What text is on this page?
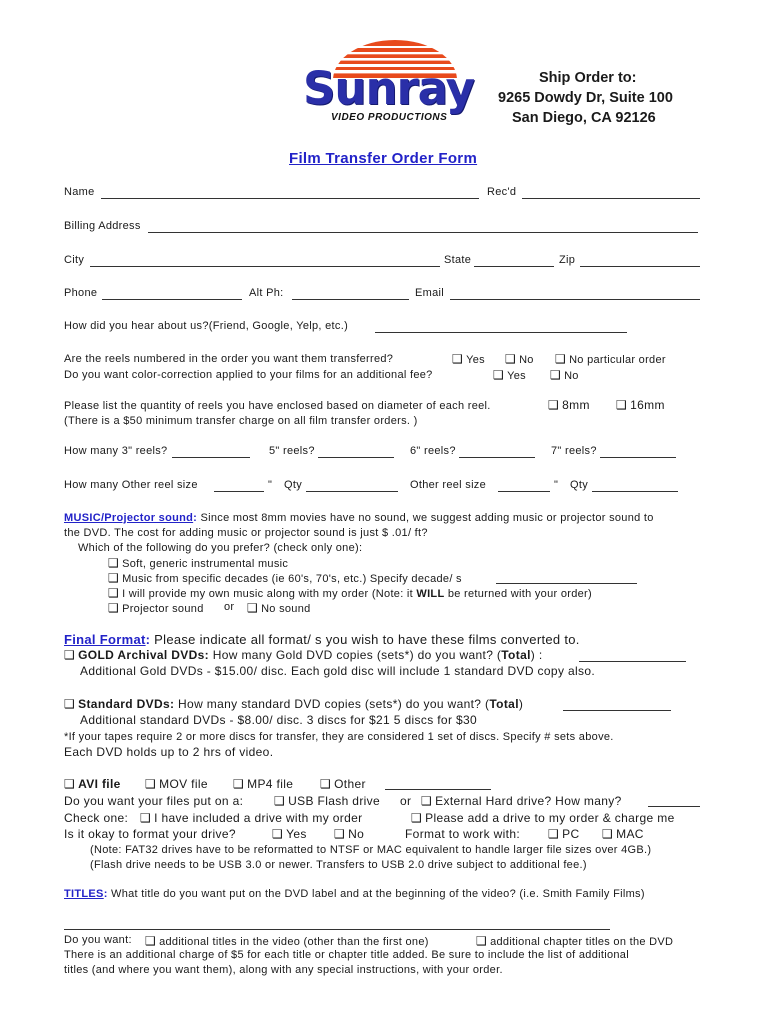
Sunray
VIDEO PRODUCTIONS
Ship Order to:
9265 Dowdy Dr, Suite 100
San Diego, CA 92126
Film Transfer Order Form
Name	Rec'd
Billing Address
City	State	Zip
Phone	Alt Ph:	Email
How did you hear about us?(Friend, Google, Yelp, etc.)
Are the reels numbered in the order you want them transferred?	❑ Yes ❑ No ❑ No particular order
Do you want color-correction applied to your films for an additional fee?	❑ Yes ❑ No
Please list the quantity of reels you have enclosed based on diameter of each reel.
(There is a $50 minimum transfer charge on all film transfer orders. )
❑ 8mm ❑ 16mm
How many 3" reels?	5" reels?	6" reels?	7" reels?
How many Other reel size	" Qty	Other reel size	" Qty
MUSIC/Projector sound: Since most 8mm movies have no sound, we suggest adding music or projector sound to
the DVD. The cost for adding music or projector sound is just $ .01/ ft?
Which of the following do you prefer? (check only one):
❑ Soft, generic instrumental music
❑ Music from specific decades (ie 60's, 70's, etc.) Specify decade/ s
❑ I will provide my own music along with my order (Note: it WILL be returned with your order)
❑ Projector sound or ❑ No sound
Final Format: Please indicate all format/ s you wish to have these films converted to.
❑ GOLD Archival DVDs: How many Gold DVD copies (sets*) do you want? (Total) :
Additional Gold DVDs - $15.00/ disc. Each gold disc will include 1 standard DVD copy also.
❑ Standard DVDs: How many standard DVD copies (sets*) do you want? (Total)
Additional standard DVDs - $8.00/ disc. 3 discs for $21 5 discs for $30
*If your tapes require 2 or more discs for transfer, they are considered 1 set of discs. Specify # sets above.
Each DVD holds up to 2 hrs of video.
❑ AVI file ❑ MOV file ❑ MP4 file ❑ Other
Do you want your files put on a:	❑ USB Flash drive or ❑ External Hard drive? How many?
Check one: ❑ I have included a drive with my order	❑ Please add a drive to my order & charge me
Is it okay to format your drive?	❑ Yes ❑ No	Format to work with: ❑ PC ❑ MAC
(Note: FAT32 drives have to be reformatted to NTSF or MAC equivalent to handle larger file sizes over 4GB.)
(Flash drive needs to be USB 3.0 or newer. Transfers to USB 2.0 drive subject to additional fee.)
TITLES: What title do you want put on the DVD label and at the beginning of the video? (i.e. Smith Family Films)
Do you want: ❑ additional titles in the video (other than the first one)	❑ additional chapter titles on the DVD
There is an additional charge of $5 for each title or chapter title added. Be sure to include the list of additional
titles (and where you want them), along with any special instructions, with your order.
